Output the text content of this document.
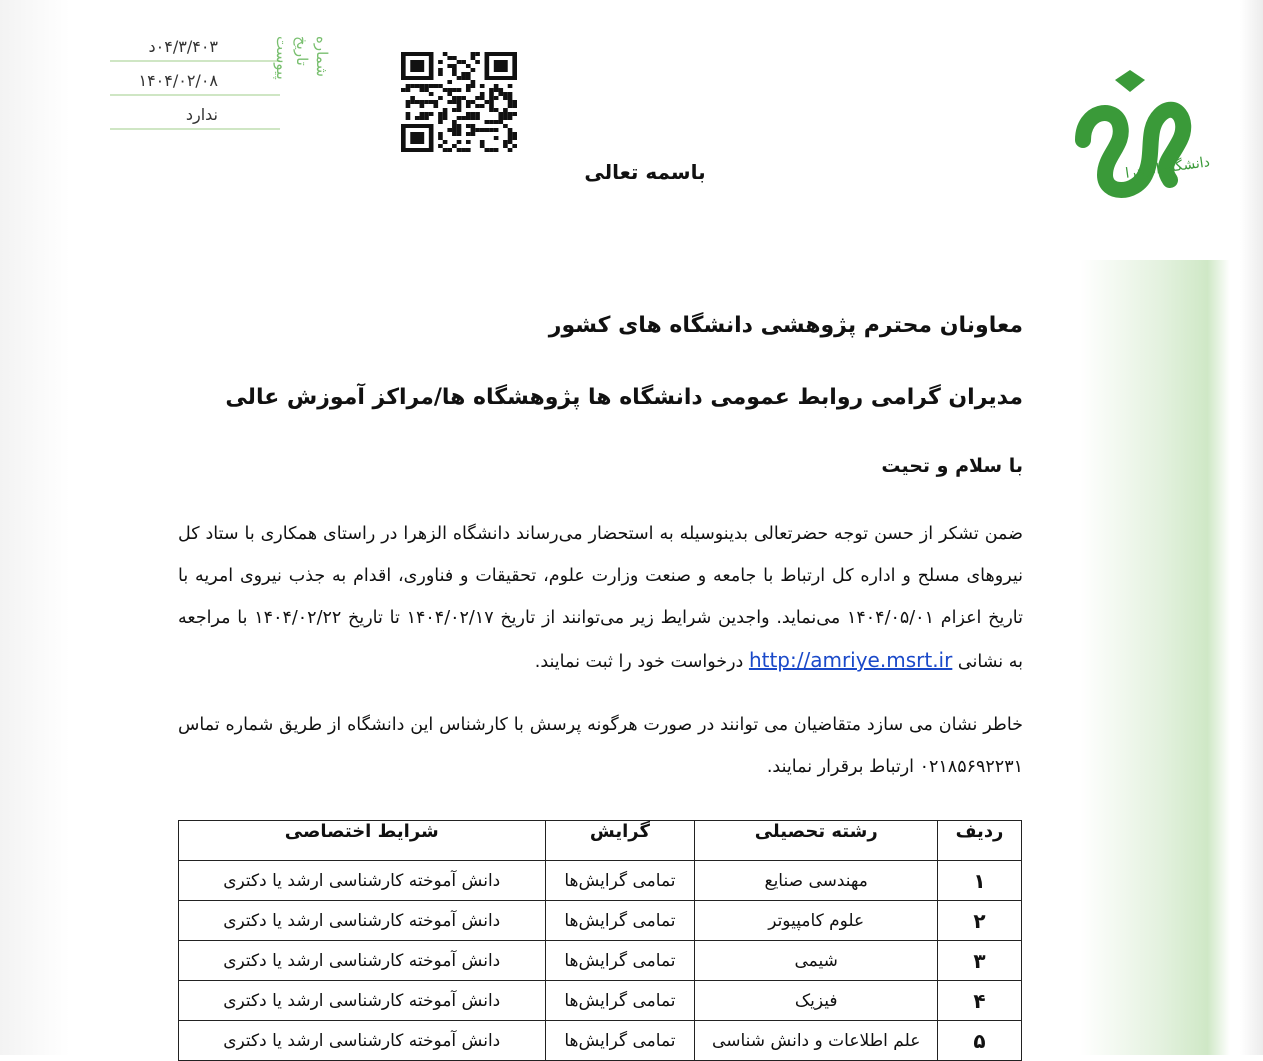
۰۴/۳/۴۰۳د
۱۴۰۴/۰۲/۰۸
ندارد
شماره
تاریخ
پیوست
دانشگاه الزهرا
باسمه تعالی
معاونان محترم پژوهشی دانشگاه های کشور
مدیران گرامی روابط عمومی دانشگاه ها پژوهشگاه ها/مراکز آموزش عالی
با سلام و تحیت
ضمن تشکر از حسن توجه حضرتعالی بدینوسیله به استحضار می‌رساند دانشگاه الزهرا در راستای همکاری با ستاد کل نیروهای مسلح و اداره کل ارتباط با جامعه و صنعت وزارت علوم، تحقیقات و فناوری، اقدام به جذب نیروی امریه با تاریخ اعزام ۱۴۰۴/۰۵/۰۱ می‌نماید. واجدین شرایط زیر می‌توانند از تاریخ ۱۴۰۴/۰۲/۱۷ تا تاریخ ۱۴۰۴/۰۲/۲۲ با مراجعه به نشانی http://amriye.msrt.ir درخواست خود را ثبت نمایند.
خاطر نشان می سازد متقاضیان می توانند در صورت هرگونه پرسش با کارشناس این دانشگاه از طریق شماره تماس ۰۲۱۸۵۶۹۲۲۳۱ ارتباط برقرار نمایند.
ردیف	رشته تحصیلی	گرایش	شرایط اختصاصی
۱	مهندسی صنایع	تمامی گرایش‌ها	دانش آموخته کارشناسی ارشد یا دکتری
۲	علوم کامپیوتر	تمامی گرایش‌ها	دانش آموخته کارشناسی ارشد یا دکتری
۳	شیمی	تمامی گرایش‌ها	دانش آموخته کارشناسی ارشد یا دکتری
۴	فیزیک	تمامی گرایش‌ها	دانش آموخته کارشناسی ارشد یا دکتری
۵	علم اطلاعات و دانش شناسی	تمامی گرایش‌ها	دانش آموخته کارشناسی ارشد یا دکتری
